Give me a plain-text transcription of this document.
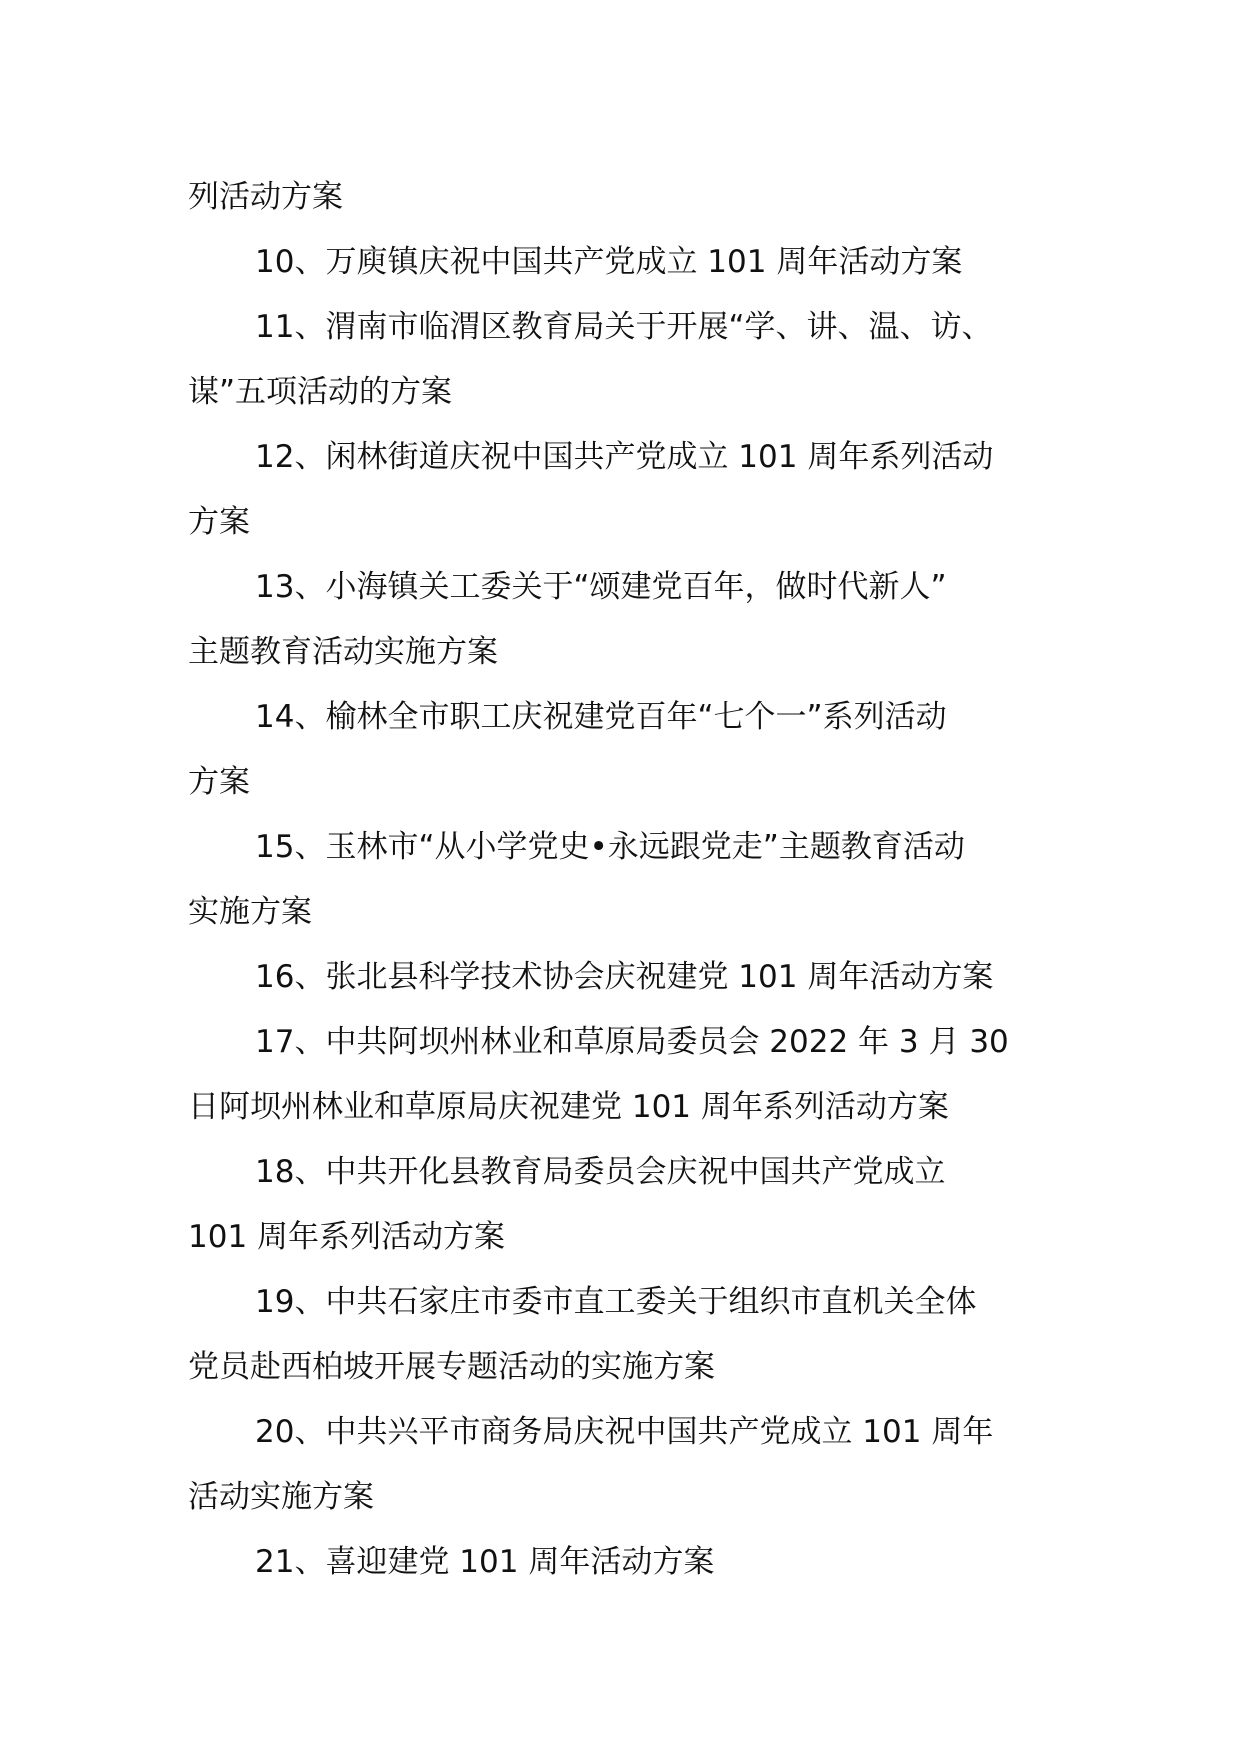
列活动方案
10、万庾镇庆祝中国共产党成立 101 周年活动方案
11、渭南市临渭区教育局关于开展“学、讲、温、访、
谋”五项活动的方案
12、闲林街道庆祝中国共产党成立 101 周年系列活动
方案
13、小海镇关工委关于“颂建党百年，做时代新人”
主题教育活动实施方案
14、榆林全市职工庆祝建党百年“七个一”系列活动
方案
15、玉林市“从小学党史•永远跟党走”主题教育活动
实施方案
16、张北县科学技术协会庆祝建党 101 周年活动方案
17、中共阿坝州林业和草原局委员会 2022 年 3 月 30
日阿坝州林业和草原局庆祝建党 101 周年系列活动方案
18、中共开化县教育局委员会庆祝中国共产党成立
101 周年系列活动方案
19、中共石家庄市委市直工委关于组织市直机关全体
党员赴西柏坡开展专题活动的实施方案
20、中共兴平市商务局庆祝中国共产党成立 101 周年
活动实施方案
21、喜迎建党 101 周年活动方案
